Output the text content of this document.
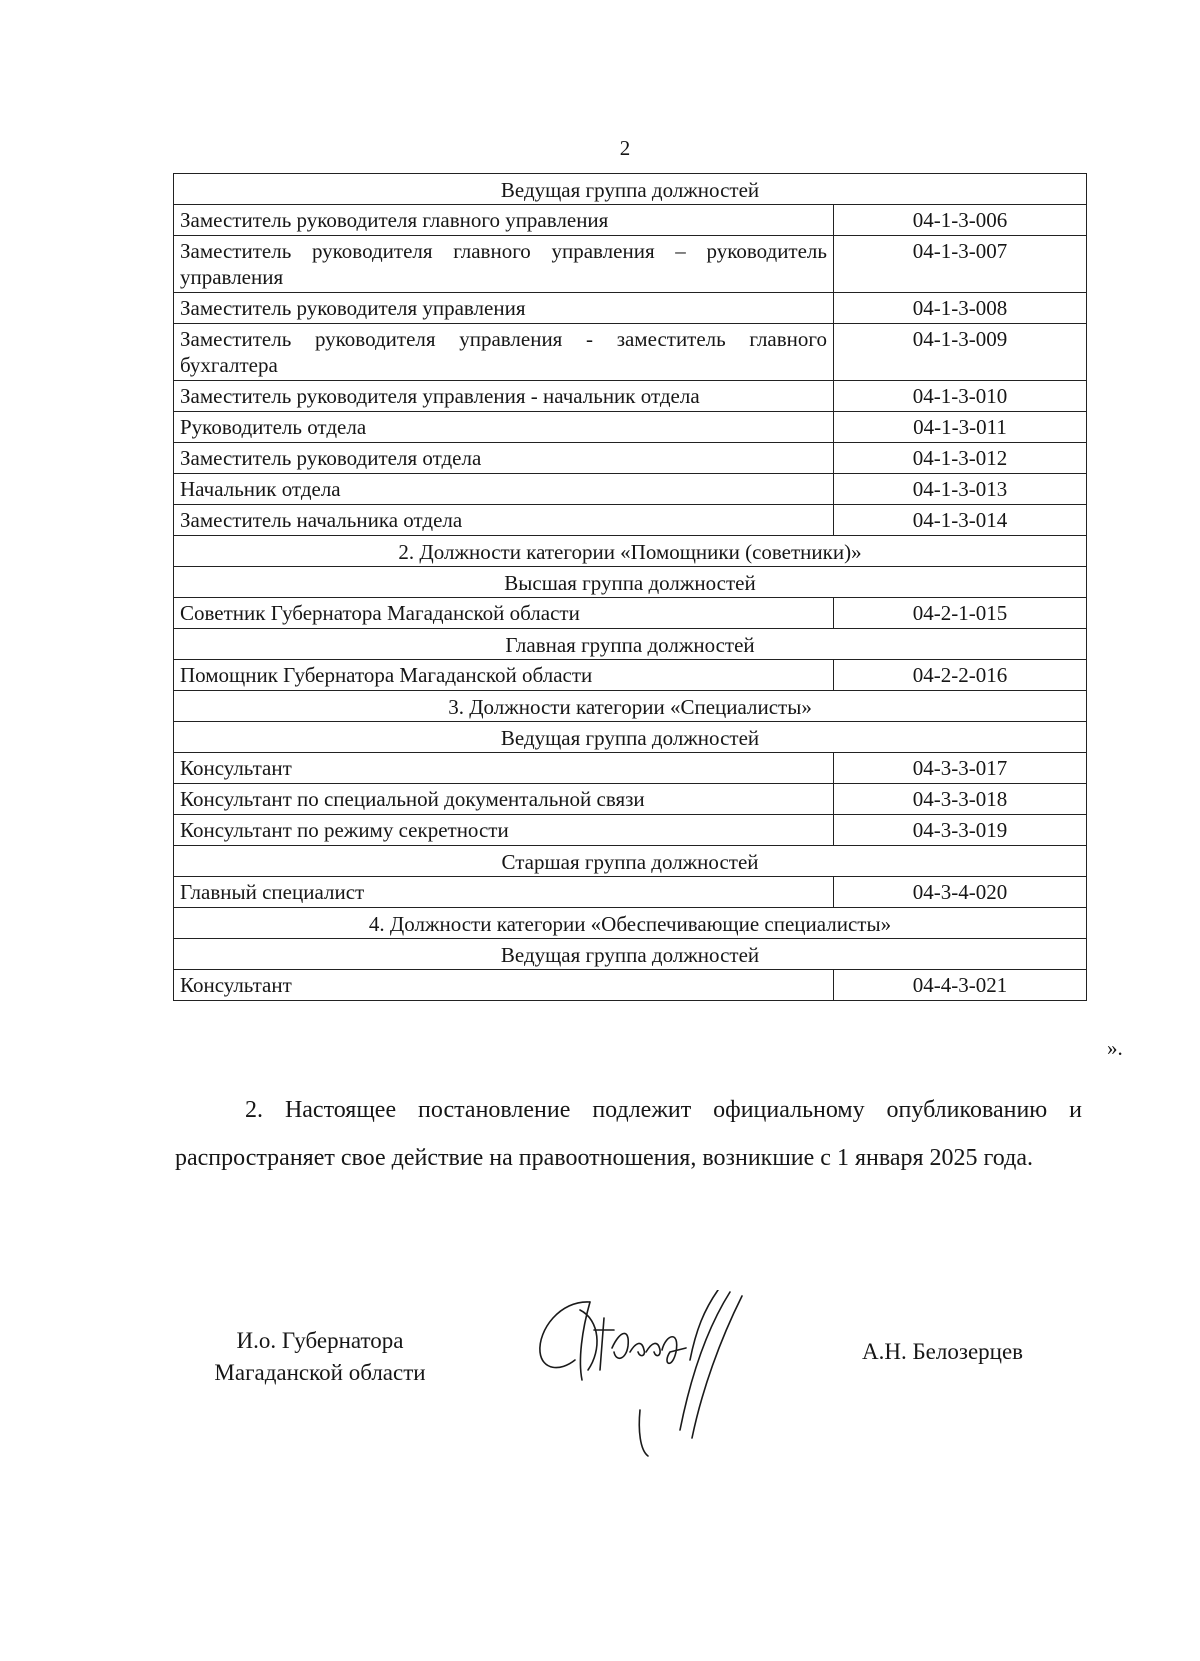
2
Ведущая группа должностей	
Заместитель руководителя главного управления	04-1-3-006
Заместитель руководителя главного управления – руководитель управления	04-1-3-007
Заместитель руководителя управления	04-1-3-008
Заместитель руководителя управления - заместитель главного бухгалтера	04-1-3-009
Заместитель руководителя управления - начальник отдела	04-1-3-010
Руководитель отдела	04-1-3-011
Заместитель руководителя отдела	04-1-3-012
Начальник отдела	04-1-3-013
Заместитель начальника отдела	04-1-3-014
2. Должности категории «Помощники (советники)»	
Высшая группа должностей	
Советник Губернатора Магаданской области	04-2-1-015
Главная группа должностей	
Помощник Губернатора Магаданской области	04-2-2-016
3. Должности категории «Специалисты»	
Ведущая группа должностей	
Консультант	04-3-3-017
Консультант по специальной документальной связи	04-3-3-018
Консультант по режиму секретности	04-3-3-019
Старшая группа должностей	
Главный специалист	04-3-4-020
4. Должности категории «Обеспечивающие специалисты»	
Ведущая группа должностей	
Консультант	04-4-3-021
».
2. Настоящее постановление подлежит официальному опубликованию и распространяет свое действие на правоотношения, возникшие с 1 января 2025 года.
И.о. Губернатора
Магаданской области
А.Н. Белозерцев
